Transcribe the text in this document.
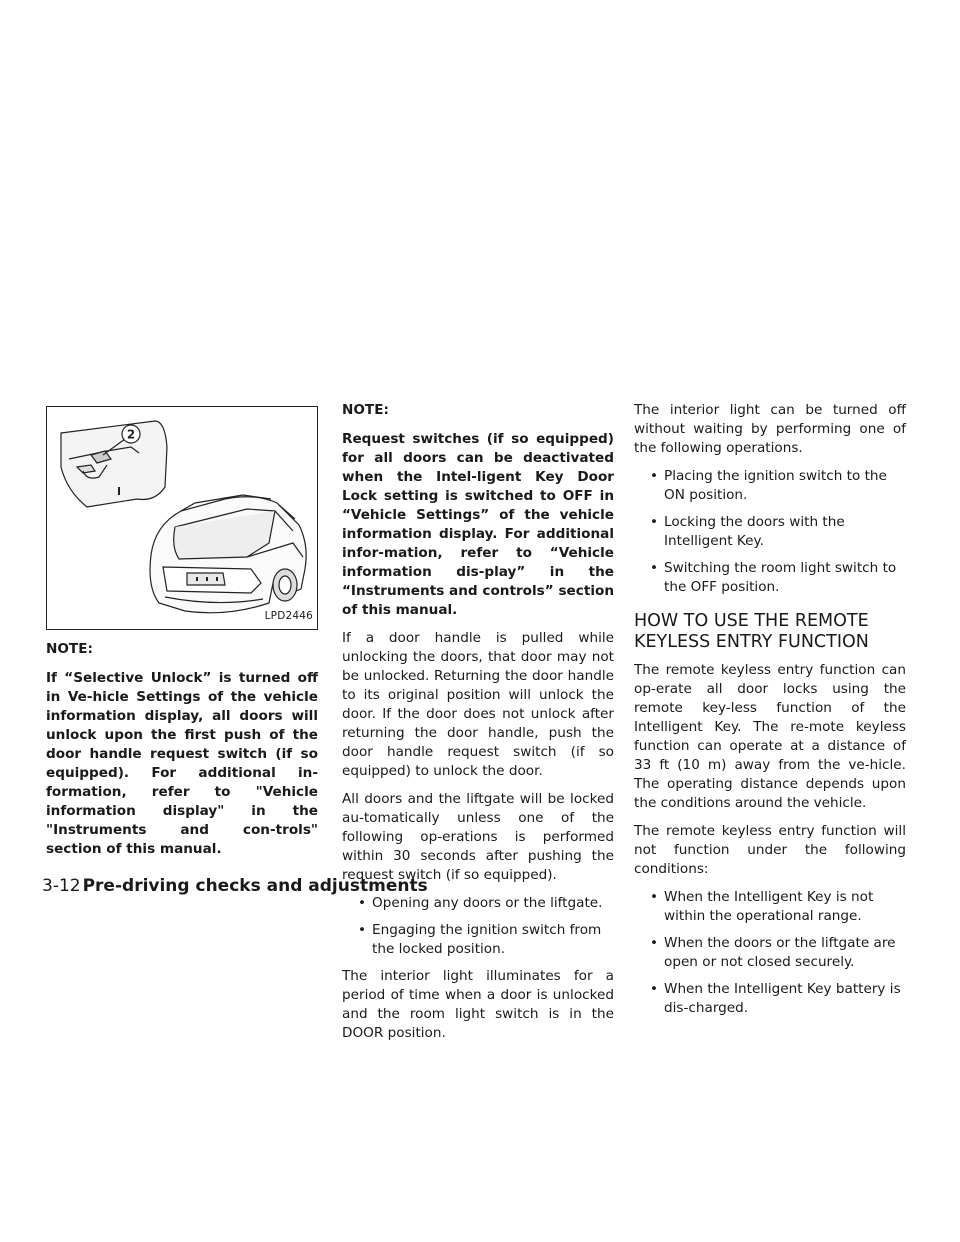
2
LPD2446

NOTE:

If “Selective Unlock” is turned off in Ve-hicle Settings of the vehicle information display, all doors will unlock upon the first push of the door handle request switch (if so equipped). For additional in-formation, refer to "Vehicle information display" in the "Instruments and con-trols" section of this manual.

NOTE:

Request switches (if so equipped) for all doors can be deactivated when the Intel-ligent Key Door Lock setting is switched to OFF in “Vehicle Settings” of the vehicle information display. For additional infor-mation, refer to “Vehicle information dis-play” in the “Instruments and controls” section of this manual.

If a door handle is pulled while unlocking the doors, that door may not be unlocked. Returning the door handle to its original position will unlock the door. If the door does not unlock after returning the door handle, push the door handle request switch (if so equipped) to unlock the door.

All doors and the liftgate will be locked au-tomatically unless one of the following op-erations is performed within 30 seconds after pushing the request switch (if so equipped).

• Opening any doors or the liftgate.

• Engaging the ignition switch from the locked position.

The interior light illuminates for a period of time when a door is unlocked and the room light switch is in the DOOR position.

The interior light can be turned off without waiting by performing one of the following operations.

• Placing the ignition switch to the ON position.

• Locking the doors with the Intelligent Key.

• Switching the room light switch to the OFF position.

HOW TO USE THE REMOTE KEYLESS ENTRY FUNCTION

The remote keyless entry function can op-erate all door locks using the remote key-less function of the Intelligent Key. The re-mote keyless function can operate at a distance of 33 ft (10 m) away from the ve-hicle. The operating distance depends upon the conditions around the vehicle.

The remote keyless entry function will not function under the following conditions:

• When the Intelligent Key is not within the operational range.

• When the doors or the liftgate are open or not closed securely.

• When the Intelligent Key battery is dis-charged.

3-12 Pre-driving checks and adjustments
